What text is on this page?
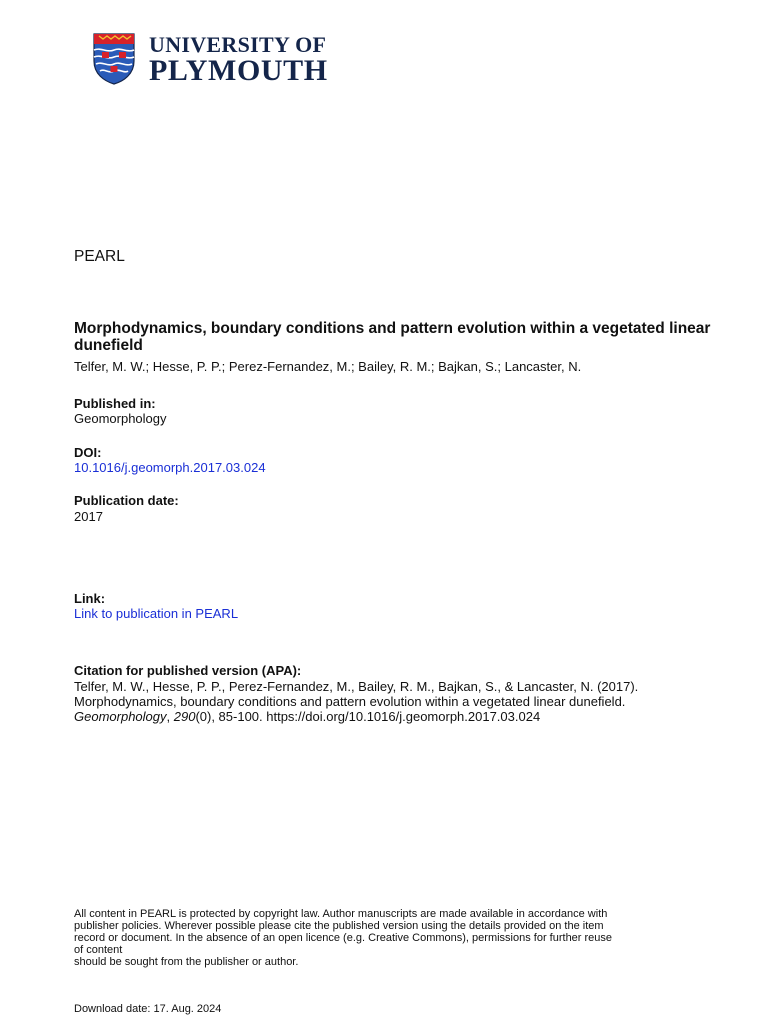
UNIVERSITY OF
PLYMOUTH
PEARL
Morphodynamics, boundary conditions and pattern evolution within a vegetated linear dunefield
Telfer, M. W.; Hesse, P. P.; Perez-Fernandez, M.; Bailey, R. M.; Bajkan, S.; Lancaster, N.
Published in:
Geomorphology
DOI:
10.1016/j.geomorph.2017.03.024
Publication date:
2017
Link:
Link to publication in PEARL
Citation for published version (APA):
Telfer, M. W., Hesse, P. P., Perez-Fernandez, M., Bailey, R. M., Bajkan, S., & Lancaster, N. (2017). Morphodynamics, boundary conditions and pattern evolution within a vegetated linear dunefield. Geomorphology, 290(0), 85-100. https://doi.org/10.1016/j.geomorph.2017.03.024
All content in PEARL is protected by copyright law. Author manuscripts are made available in accordance with
publisher policies. Wherever possible please cite the published version using the details provided on the item
record or document. In the absence of an open licence (e.g. Creative Commons), permissions for further reuse
of content
should be sought from the publisher or author.
Download date: 17. Aug. 2024
